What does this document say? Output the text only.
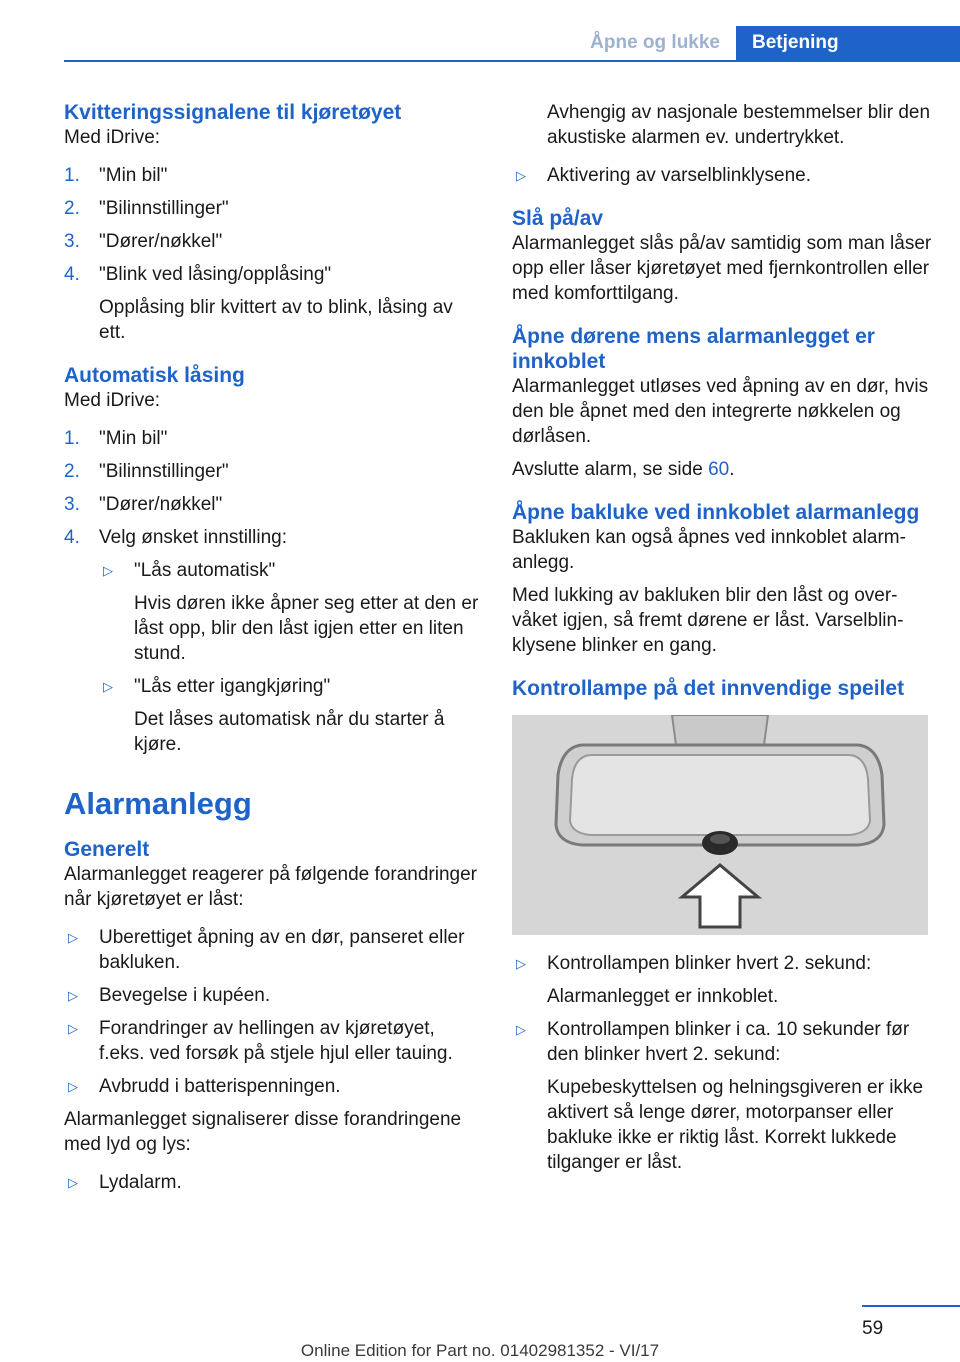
Åpne og lukke	Betjening
Kvitteringssignalene til kjøretøyet

Med iDrive:

1. "Min bil"
2. "Bilinnstillinger"
3. "Dører/nøkkel"
4. "Blink ved låsing/opplåsing"
Opplåsing blir kvittert av to blink, låsing av ett.
Automatisk låsing

Med iDrive:

1. "Min bil"
2. "Bilinnstillinger"
3. "Dører/nøkkel"
4. Velg ønsket innstilling:
▷ "Lås automatisk"
Hvis døren ikke åpner seg etter at den er låst opp, blir den låst igjen etter en liten stund.
▷ "Lås etter igangkjøring"
Det låses automatisk når du starter å kjøre.
Alarmanlegg
Generelt

Alarmanlegget reagerer på følgende forandringer når kjøretøyet er låst:

▷ Uberettiget åpning av en dør, panseret eller bakluken.
▷ Bevegelse i kupéen.
▷ Forandringer av hellingen av kjøretøyet, f.eks. ved forsøk på stjele hjul eller tauing.
▷ Avbrudd i batterispenningen.

Alarmanlegget signaliserer disse forandringene med lyd og lys:

▷ Lydalarm.
Avhengig av nasjonale bestemmelser blir den akustiske alarmen ev. undertrykket.
▷ Aktivering av varselblinklysene.
Slå på/av

Alarmanlegget slås på/av samtidig som man låser opp eller låser kjøretøyet med fjernkontrollen eller med komforttilgang.

Åpne dørene mens alarmanlegget er innkoblet

Alarmanlegget utløses ved åpning av en dør, hvis den ble åpnet med den integrerte nøkkelen og dørlåsen.

Avslutte alarm, se side 60.

Åpne bakluke ved innkoblet alarmanlegg

Bakluken kan også åpnes ved innkoblet alarmanlegg.

Med lukking av bakluken blir den låst og overvåket igjen, så fremt dørene er låst. Varselblinklysene blinker en gang.

Kontrollampe på det innvendige speilet
▷ Kontrollampen blinker hvert 2. sekund:
Alarmanlegget er innkoblet.
▷ Kontrollampen blinker i ca. 10 sekunder før den blinker hvert 2. sekund:
Kupebeskyttelsen og helningsgiveren er ikke aktivert så lenge dører, motorpanser eller bakluke ikke er riktig låst. Korrekt lukkede tilganger er låst.
59
Online Edition for Part no. 01402981352 - VI/17
